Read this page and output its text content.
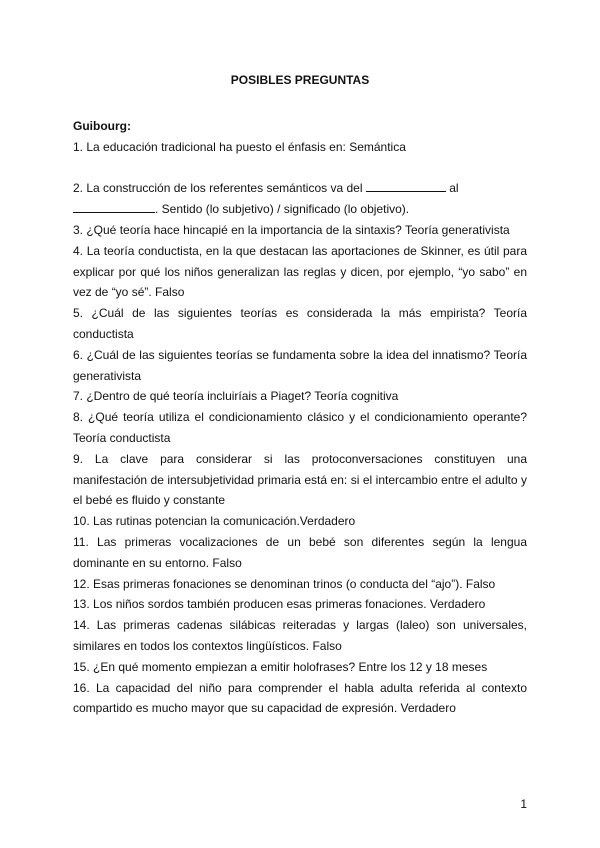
POSIBLES PREGUNTAS

Guibourg:

1. La educación tradicional ha puesto el énfasis en: Semántica

2. La construcción de los referentes semánticos va del	al
. Sentido (lo subjetivo) / significado (lo objetivo).

3. ¿Qué teoría hace hincapié en la importancia de la sintaxis? Teoría generativista

4. La teoría conductista, en la que destacan las aportaciones de Skinner, es útil para explicar por qué los niños generalizan las reglas y dicen, por ejemplo, “yo sabo” en vez de “yo sé”. Falso

5. ¿Cuál de las siguientes teorías es considerada la más empirista? Teoría conductista

6. ¿Cuál de las siguientes teorías se fundamenta sobre la idea del innatismo? Teoría generativista

7. ¿Dentro de qué teoría incluiríais a Piaget? Teoría cognitiva

8. ¿Qué teoría utiliza el condicionamiento clásico y el condicionamiento operante? Teoría conductista

9. La clave para considerar si las protoconversaciones constituyen una manifestación de intersubjetividad primaria está en: si el intercambio entre el adulto y el bebé es fluido y constante

10. Las rutinas potencian la comunicación.Verdadero

11. Las primeras vocalizaciones de un bebé son diferentes según la lengua dominante en su entorno. Falso

12. Esas primeras fonaciones se denominan trinos (o conducta del “ajo”). Falso

13. Los niños sordos también producen esas primeras fonaciones. Verdadero

14. Las primeras cadenas silábicas reiteradas y largas (laleo) son universales, similares en todos los contextos lingüísticos. Falso

15. ¿En qué momento empiezan a emitir holofrases? Entre los 12 y 18 meses

16. La capacidad del niño para comprender el habla adulta referida al contexto compartido es mucho mayor que su capacidad de expresión. Verdadero

1
